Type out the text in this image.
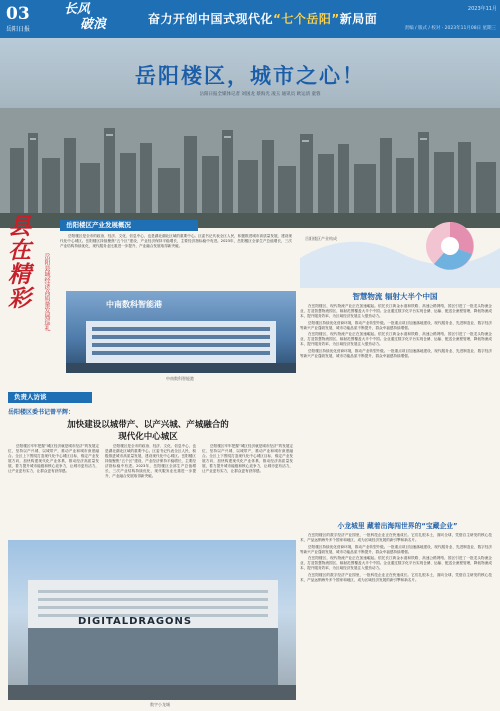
03
岳阳日报
长风
破浪	奋力开创中国式现代化“七个岳阳”新局面
2023年11月
责编 / 版式 / 校对 · 2023年11月08日 星期三
岳阳楼区，城市之心！
岳阳日报全媒体记者 刘国龙 蔡海光 凌玉 通讯员 欧运清 童蓉
县在精彩	岳阳县域经济高质量发展巡礼
岳阳楼区产业发展概况

岳阳楼区是全市的政治、经济、文化、信息中心，也是湖北湖北区域的重要中心。区委书记代表全区人民，积极推进城市高质量发展，建设现代化中心城区。岳阳楼区持续聚焦“五个区”建设，产业经济保持平稳增长，主要经济指标稳中有进。2023年，岳阳楼区全部生产总值增长，三次产业结构持续优化，现代服务业比重进一步提升，产业融合发展取得新突破。

岳阳楼区产业构成
中南数科智能港
中南数科智能港
智慧物流 辐射大半个中国

在岳阳楼区，现代物流产业正在加速崛起。依托长江黄金水道和铁路、高速公路网络，园区引进了一批龙头物流企业，打造智慧物流园区，辐射范围覆盖大半个中国。企业通过数字化平台实现仓储、运输、配送全流程管理，降低物流成本，提升服务效率，为区域经济发展注入强劲动力。

岳阳楼区持续优化营商环境，推动产业转型升级。一批重点项目加速落地建设，现代服务业、先进制造业、数字经济等新兴产业蓬勃发展，城市功能品质不断提升，群众幸福感持续增强。

在岳阳楼区，现代物流产业正在加速崛起。依托长江黄金水道和铁路、高速公路网络，园区引进了一批龙头物流企业，打造智慧物流园区，辐射范围覆盖大半个中国。企业通过数字化平台实现仓储、运输、配送全流程管理，降低物流成本，提升服务效率，为区域经济发展注入强劲动力。

岳阳楼区持续优化营商环境，推动产业转型升级。一批重点项目加速落地建设，现代服务业、先进制造业、数字经济等新兴产业蓬勃发展，城市功能品质不断提升，群众幸福感持续增强。

负责人访谈
岳阳楼区委书记曾平辉：
加快建设以城带产、以产兴城、产城融合的
现代化中心城区

岳阳楼区牢牢把握“城区经济就是城市经济”的发展定位，坚持以产兴城、以城带产，推动产业和城市深度融合。全区上下围绕打造现代化中心城区目标，锚定产业发展方向，加快构建现代化产业体系，推动经济高质量发展，着力提升城市能级和核心竞争力，让城市更有活力，让产业更有实力，让群众更有获得感。

岳阳楼区是全市的政治、经济、文化、信息中心，也是湖北湖北区域的重要中心。区委书记代表全区人民，积极推进城市高质量发展，建设现代化中心城区。岳阳楼区持续聚焦“五个区”建设，产业经济保持平稳增长，主要经济指标稳中有进。2023年，岳阳楼区全部生产总值增长，三次产业结构持续优化，现代服务业比重进一步提升，产业融合发展取得新突破。

岳阳楼区牢牢把握“城区经济就是城市经济”的发展定位，坚持以产兴城、以城带产，推动产业和城市深度融合。全区上下围绕打造现代化中心城区目标，锚定产业发展方向，加快构建现代化产业体系，推动经济高质量发展，着力提升城市能级和核心竞争力，让城市更有活力，让产业更有实力，让群众更有获得感。

小龙城里 藏着出海闯世界的“宝藏企业”

在岳阳楼区的数字经济产业园里，一批科技企业正在快速成长。它们扎根本土，面向全球，凭借自主研发的核心技术，产品远销海外多个国家和地区，成为区域经济发展的新引擎和新名片。

岳阳楼区持续优化营商环境，推动产业转型升级。一批重点项目加速落地建设，现代服务业、先进制造业、数字经济等新兴产业蓬勃发展，城市功能品质不断提升，群众幸福感持续增强。

在岳阳楼区，现代物流产业正在加速崛起。依托长江黄金水道和铁路、高速公路网络，园区引进了一批龙头物流企业，打造智慧物流园区，辐射范围覆盖大半个中国。企业通过数字化平台实现仓储、运输、配送全流程管理，降低物流成本，提升服务效率，为区域经济发展注入强劲动力。

在岳阳楼区的数字经济产业园里，一批科技企业正在快速成长。它们扎根本土，面向全球，凭借自主研发的核心技术，产品远销海外多个国家和地区，成为区域经济发展的新引擎和新名片。

DIGITALDRAGONS
数字小龙城
